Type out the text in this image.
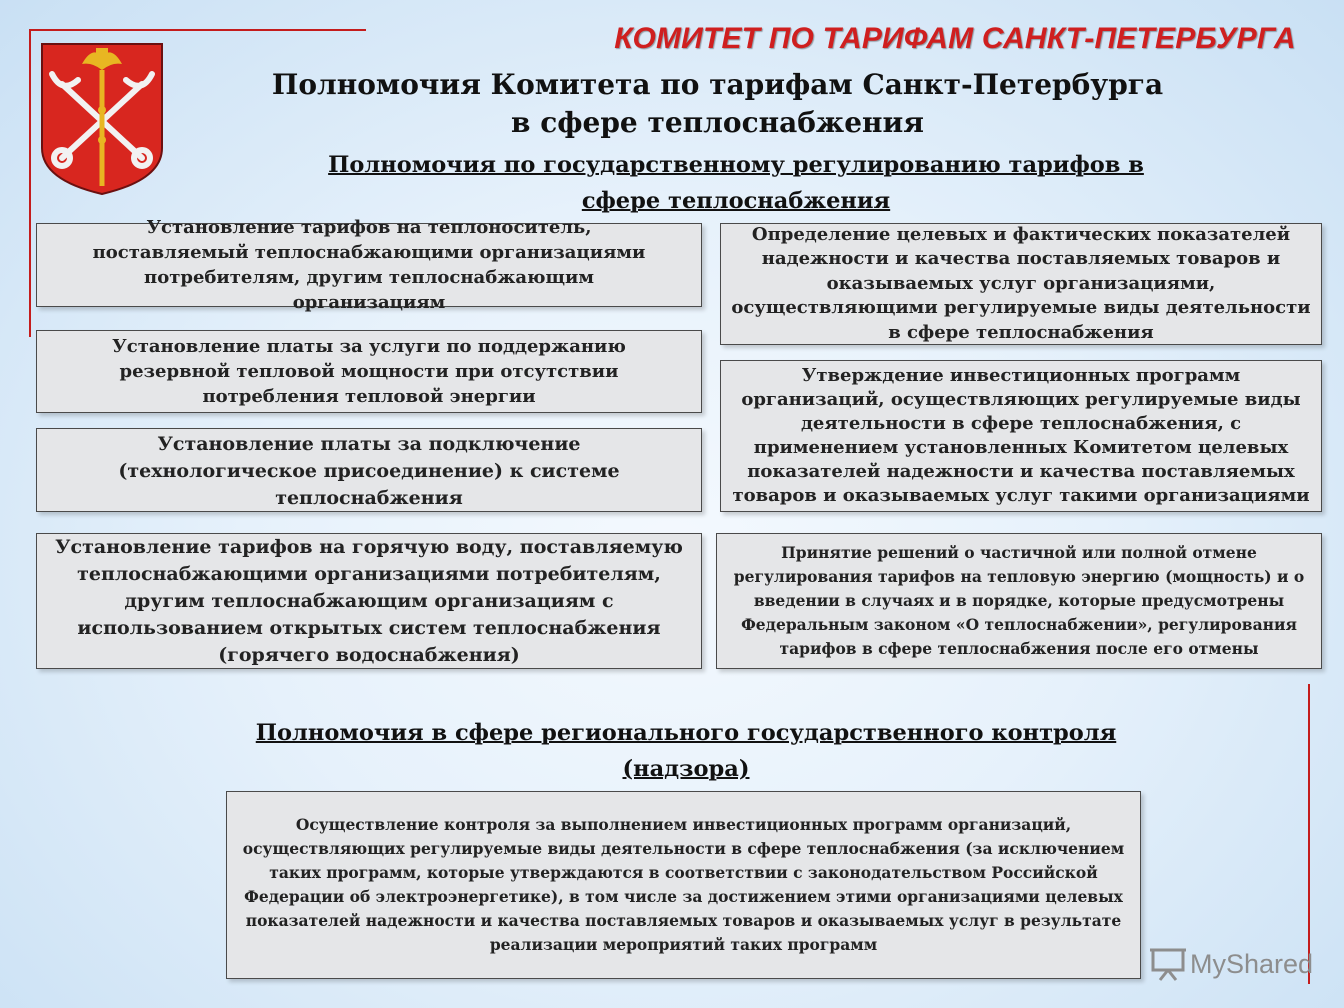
КОМИТЕТ ПО ТАРИФАМ САНКТ-ПЕТЕРБУРГА
Полномочия Комитета по тарифам Санкт-Петербурга
в сфере теплоснабжения
Полномочия по государственному регулированию тарифов в
сфере теплоснабжения
Установление тарифов на теплоноситель, поставляемый теплоснабжающими организациями потребителям, другим теплоснабжающим организациям
Установление платы за услуги по поддержанию резервной тепловой мощности при отсутствии потребления тепловой энергии
Установление платы за подключение (технологическое присоединение) к системе теплоснабжения
Установление тарифов на горячую воду, поставляемую теплоснабжающими организациями потребителям, другим теплоснабжающим организациям с использованием открытых систем теплоснабжения (горячего водоснабжения)
Определение целевых и фактических показателей надежности и качества поставляемых товаров и оказываемых услуг организациями, осуществляющими регулируемые виды деятельности в сфере теплоснабжения
Утверждение инвестиционных программ организаций, осуществляющих регулируемые виды деятельности в сфере теплоснабжения, с применением установленных Комитетом целевых показателей надежности и качества поставляемых товаров и оказываемых услуг такими организациями
Принятие решений о частичной или полной отмене регулирования тарифов на тепловую энергию (мощность) и о введении в случаях и в порядке, которые предусмотрены Федеральным законом «О теплоснабжении», регулирования тарифов в сфере теплоснабжения после его отмены
Полномочия в сфере регионального государственного контроля
(надзора)
Осуществление контроля за выполнением инвестиционных программ организаций, осуществляющих регулируемые виды деятельности в сфере теплоснабжения (за исключением таких программ, которые утверждаются в соответствии с законодательством Российской Федерации об электроэнергетике), в том числе за достижением этими организациями целевых показателей надежности и качества поставляемых товаров и оказываемых услуг в результате реализации мероприятий таких программ
MyShared
